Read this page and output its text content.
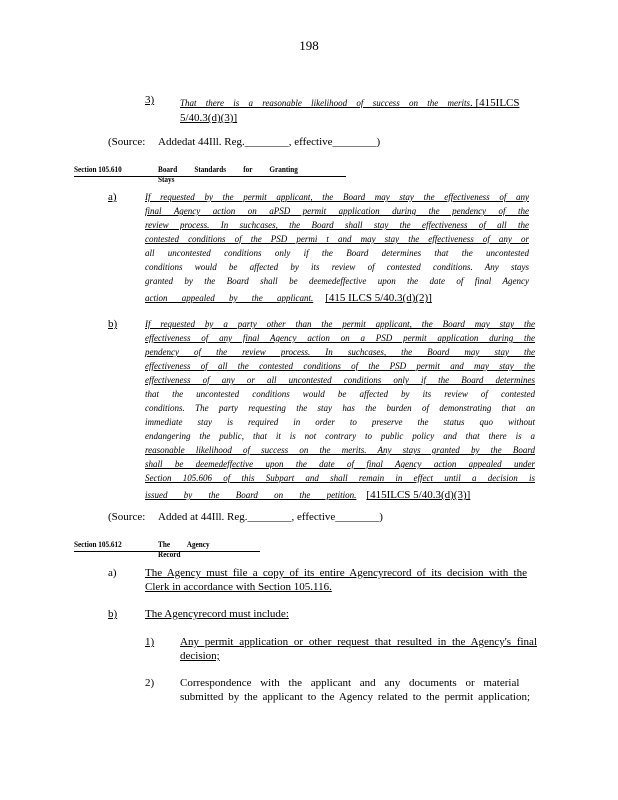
198
3)	That there is a reasonable likelihood of success on the merits. [415ILCS
5/40.3(d)(3)]
(Source: Addedat 44Ill. Reg.________, effective________)
Section 105.610	Board Standards for Granting Stays
a)	If requested by the permit applicant, the Board may stay the effectiveness of any
final Agency action on aPSD permit application during the pendency of the
review process. In suchcases, the Board shall stay the effectiveness of all the
contested conditions of the PSD permi t and may stay the effectiveness of any or
all uncontested conditions only if the Board determines that the uncontested
conditions would be affected by its review of contested conditions. Any stays
granted by the Board shall be deemedeffective upon the date of final Agency
action appealed by the applicant. [415 ILCS 5/40.3(d)(2)]
b)	If requested by a party other than the permit applicant, the Board may stay the
effectiveness of any final Agency action on a PSD permit application during the
pendency of the review process. In suchcases, the Board may stay the
effectiveness of all the contested conditions of the PSD permit and may stay the
effectiveness of any or all uncontested conditions only if the Board determines
that the uncontested conditions would be affected by its review of contested
conditions. The party requesting the stay has the burden of demonstrating that an
immediate stay is required in order to preserve the status quo without
endangering the public, that it is not contrary to public policy and that there is a
reasonable likelihood of success on the merits. Any stays granted by the Board
shall be deemedeffective upon the date of final Agency action appealed under
Section 105.606 of this Subpart and shall remain in effect until a decision is
issued by the Board on the petition. [415ILCS 5/40.3(d)(3)]
(Source: Added at 44Ill. Reg.________, effective________)
Section 105.612	The Agency Record
a)	The Agency must file a copy of its entire Agencyrecord of its decision with the
Clerk in accordance with Section 105.116.
b)	The Agencyrecord must include:
1) Any permit application or other request that resulted in the Agency's final
decision;
2) Correspondence with the applicant and any documents or material
submitted by the applicant to the Agency related to the permit application;
